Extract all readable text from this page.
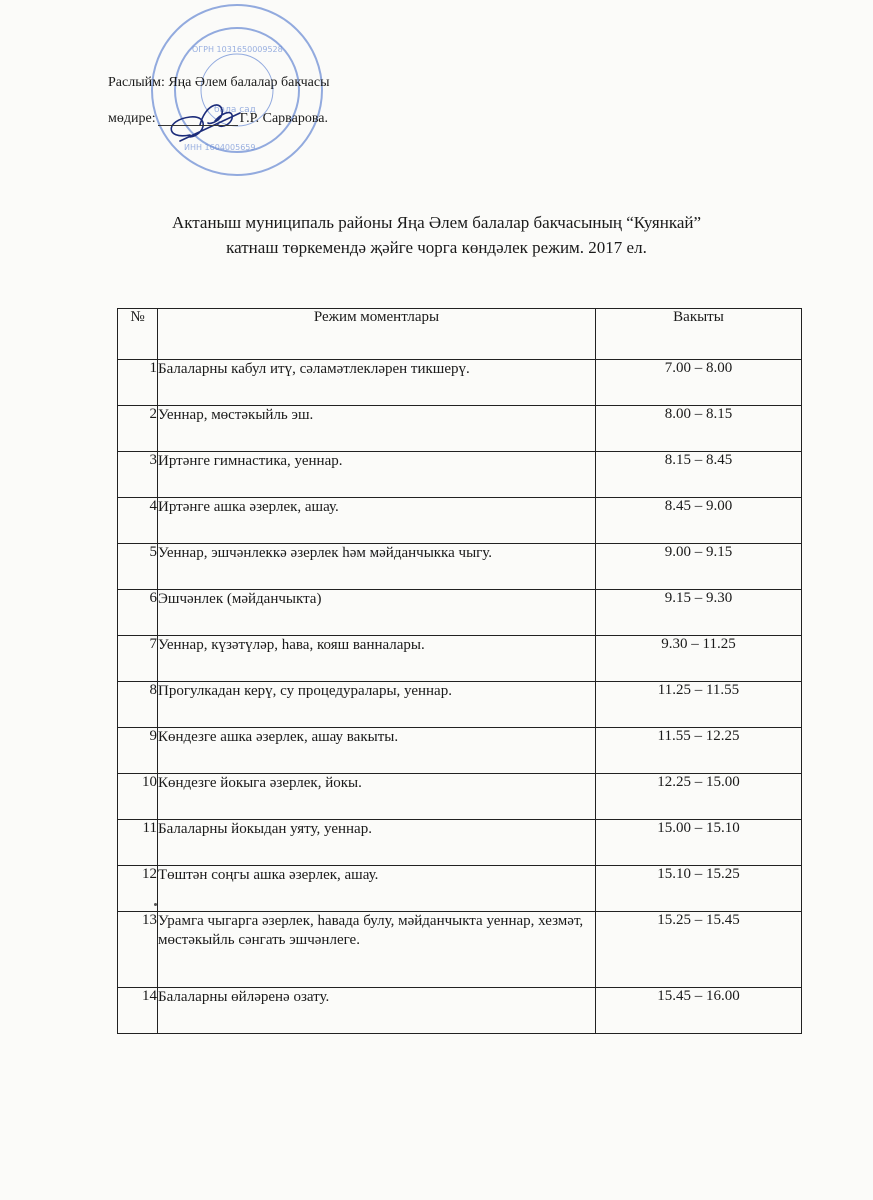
ОГРН 1031650009528
бала сад
ИНН 1604005659
Раслыйм: Яңа Әлем балалар бакчасы
мөдире:	Г.Р. Сарварова.
Актаныш муниципаль районы Яңа Әлем балалар бакчасының “Куянкай”
катнаш төркемендә җәйге чорга көндәлек режим. 2017 ел.
№	Режим моментлары	Вакыты
1	Балаларны кабул итү, сәламәтлекләрен тикшерү.	7.00 – 8.00
2	Уеннар, мөстәкыйль эш.	8.00 – 8.15
3	Иртәнге гимнастика, уеннар.	8.15 – 8.45
4	Иртәнге ашка әзерлек, ашау.	8.45 – 9.00
5	Уеннар, эшчәнлеккә әзерлек һәм мәйданчыкка чыгу.	9.00 – 9.15
6	Эшчәнлек (мәйданчыкта)	9.15 – 9.30
7	Уеннар, күзәтүләр, һава, кояш ванналары.	9.30 – 11.25
8	Прогулкадан керү, су процедуралары, уеннар.	11.25 – 11.55
9	Көндезге ашка әзерлек, ашау вакыты.	11.55 – 12.25
10	Көндезге йокыга әзерлек, йокы.	12.25 – 15.00
11	Балаларны йокыдан уяту, уеннар.	15.00 – 15.10
12	Төштән соңгы ашка әзерлек, ашау.	15.10 – 15.25
13	Урамга чыгарга әзерлек, һавада булу, мәйданчыкта уеннар, хезмәт, мөстәкыйль сәнгать эшчәнлеге.	15.25 – 15.45
14	Балаларны өйләренә озату.	15.45 – 16.00
